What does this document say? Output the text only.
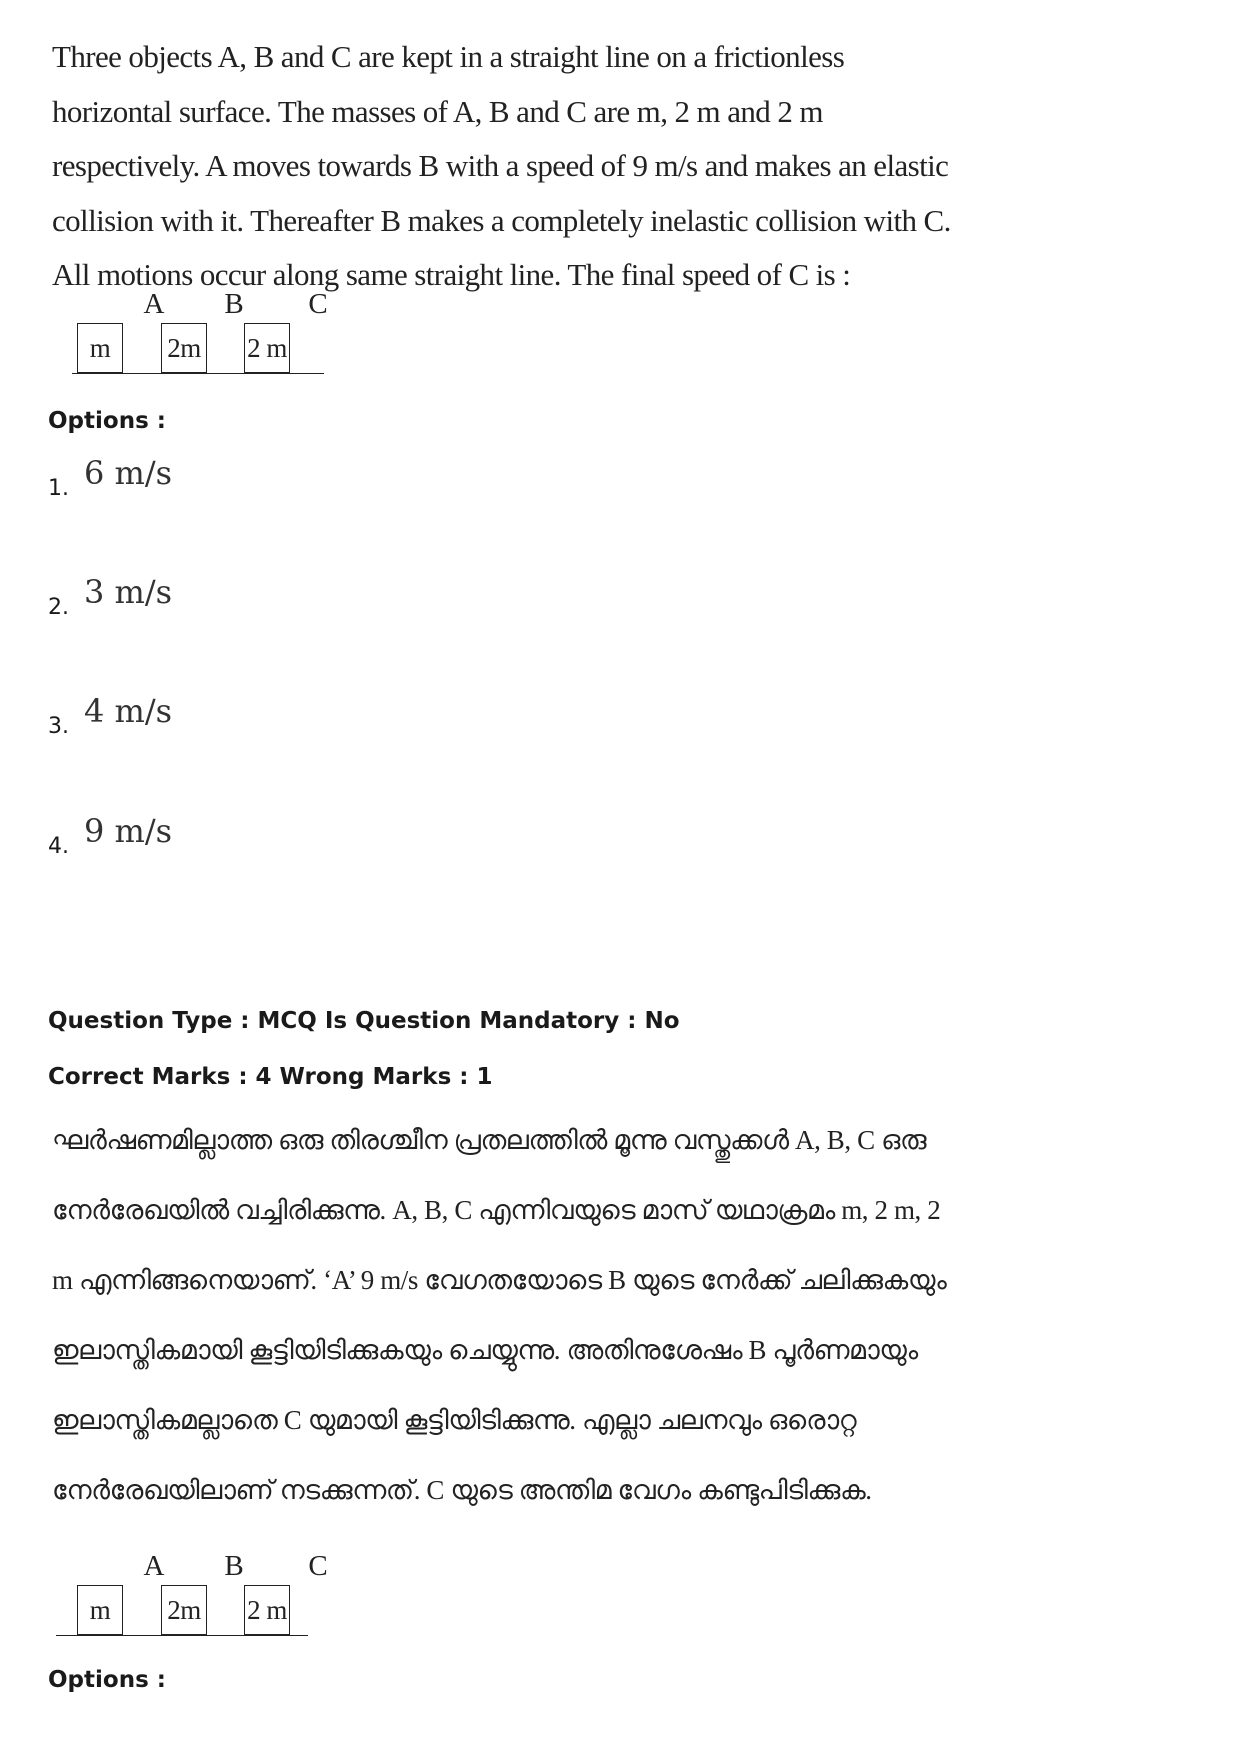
Three objects A, B and C are kept in a straight line on a frictionless horizontal surface. The masses of A, B and C are m, 2 m and 2 m respectively. A moves towards B with a speed of 9 m/s and makes an elastic collision with it. Thereafter B makes a completely inelastic collision with C. All motions occur along same straight line. The final speed of C is :

A	B	C
m	2m 2 m

Options :

1. 6 m/s
2. 3 m/s
3. 4 m/s
4. 9 m/s

Question Type : MCQ Is Question Mandatory : No

Correct Marks : 4 Wrong Marks : 1

ഘർഷണമില്ലാത്ത ഒരു തിരശ്ചീന പ്രതലത്തിൽ മൂന്നു വസ്തുക്കൾ A, B, C ഒരു നേർരേഖയിൽ വച്ചിരിക്കുന്നു. A, B, C എന്നിവയുടെ മാസ് യഥാക്രമം m, 2 m, 2 m എന്നിങ്ങനെയാണ്. ‘A’ 9 m/s വേഗതയോടെ B യുടെ നേർക്ക് ചലിക്കുകയും ഇലാസ്തികമായി കൂട്ടിയിടിക്കുകയും ചെയ്യുന്നു. അതിനുശേഷം B പൂർണമായും ഇലാസ്തികമല്ലാതെ C യുമായി കൂട്ടിയിടിക്കുന്നു. എല്ലാ ചലനവും ഒരൊറ്റ നേർരേഖയിലാണ് നടക്കുന്നത്. C യുടെ അന്തിമ വേഗം കണ്ടുപിടിക്കുക.

A	B	C
m	2m 2 m

Options :
